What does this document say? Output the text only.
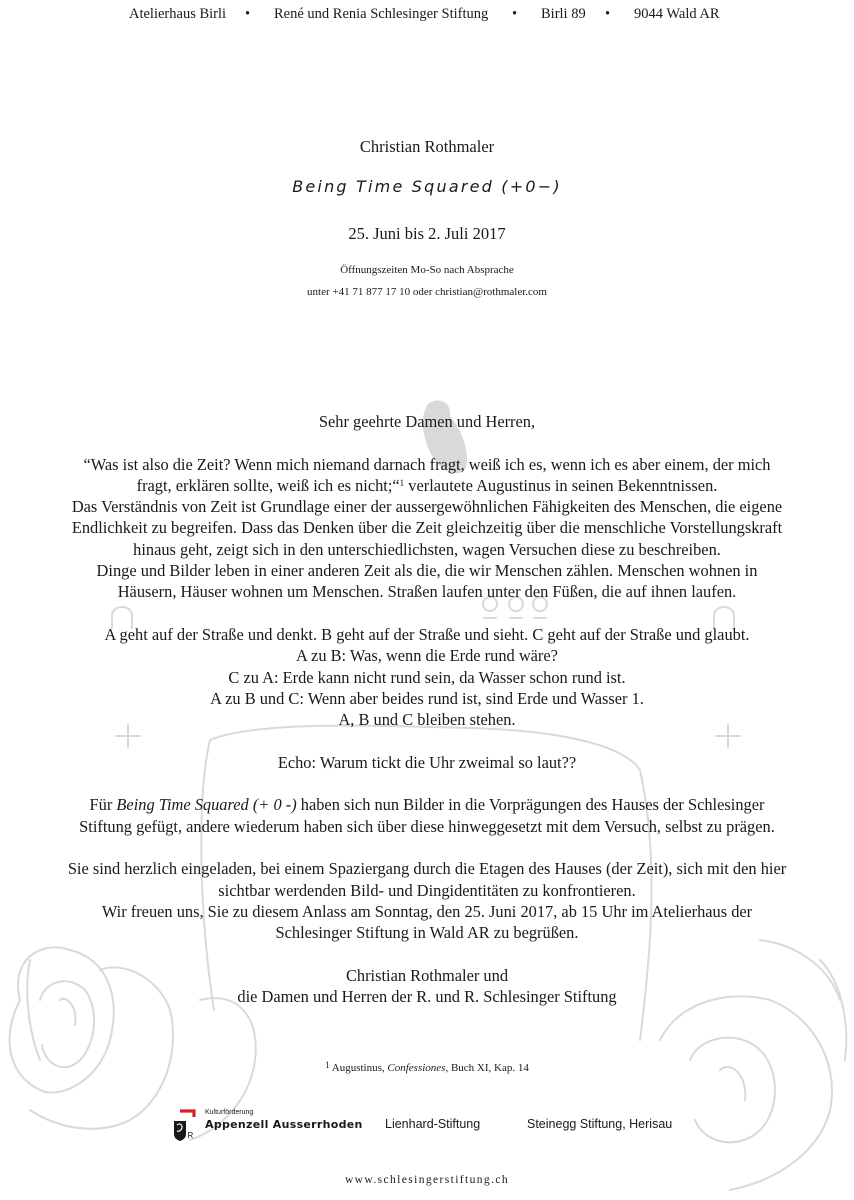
Atelierhaus Birli • René und Renia Schlesinger Stiftung • Birli 89 • 9044 Wald AR
Christian Rothmaler
Being Time Squared (+0−)
25. Juni bis 2. Juli 2017
Öffnungszeiten Mo-So nach Absprache
unter +41 71 877 17 10 oder christian@rothmaler.com

Sehr geehrte Damen und Herren,

“Was ist also die Zeit? Wenn mich niemand darnach fragt, weiß ich es, wenn ich es aber einem, der mich

fragt, erklären sollte, weiß ich es nicht;“$^1$ verlautete Augustinus in seinen Bekenntnissen.

Das Verständnis von Zeit ist Grundlage einer der aussergewöhnlichen Fähigkeiten des Menschen, die eigene

Endlichkeit zu begreifen. Dass das Denken über die Zeit gleichzeitig über die menschliche Vorstellungskraft

hinaus geht, zeigt sich in den unterschiedlichsten, wagen Versuchen diese zu beschreiben.

Dinge und Bilder leben in einer anderen Zeit als die, die wir Menschen zählen. Menschen wohnen in

Häusern, Häuser wohnen um Menschen. Straßen laufen unter den Füßen, die auf ihnen laufen.

A geht auf der Straße und denkt. B geht auf der Straße und sieht. C geht auf der Straße und glaubt.

A zu B: Was, wenn die Erde rund wäre?

C zu A: Erde kann nicht rund sein, da Wasser schon rund ist.

A zu B und C: Wenn aber beides rund ist, sind Erde und Wasser 1.

A, B und C bleiben stehen.

Echo: Warum tickt die Uhr zweimal so laut??

Für Being Time Squared (+ 0 -) haben sich nun Bilder in die Vorprägungen des Hauses der Schlesinger

Stiftung gefügt, andere wiederum haben sich über diese hinweggesetzt mit dem Versuch, selbst zu prägen.

Sie sind herzlich eingeladen, bei einem Spaziergang durch die Etagen des Hauses (der Zeit), sich mit den hier

sichtbar werdenden Bild- und Dingidentitäten zu konfrontieren.

Wir freuen uns, Sie zu diesem Anlass am Sonntag, den 25. Juni 2017, ab 15 Uhr im Atelierhaus der

Schlesinger Stiftung in Wald AR zu begrüßen.

Christian Rothmaler und

die Damen und Herren der R. und R. Schlesinger Stiftung

$^1$ Augustinus, Confessiones, Buch XI, Kap. 14
R
Kulturförderung
Appenzell Ausserrhoden Lienhard-Stiftung	Steinegg Stiftung, Herisau
www.schlesingerstiftung.ch
